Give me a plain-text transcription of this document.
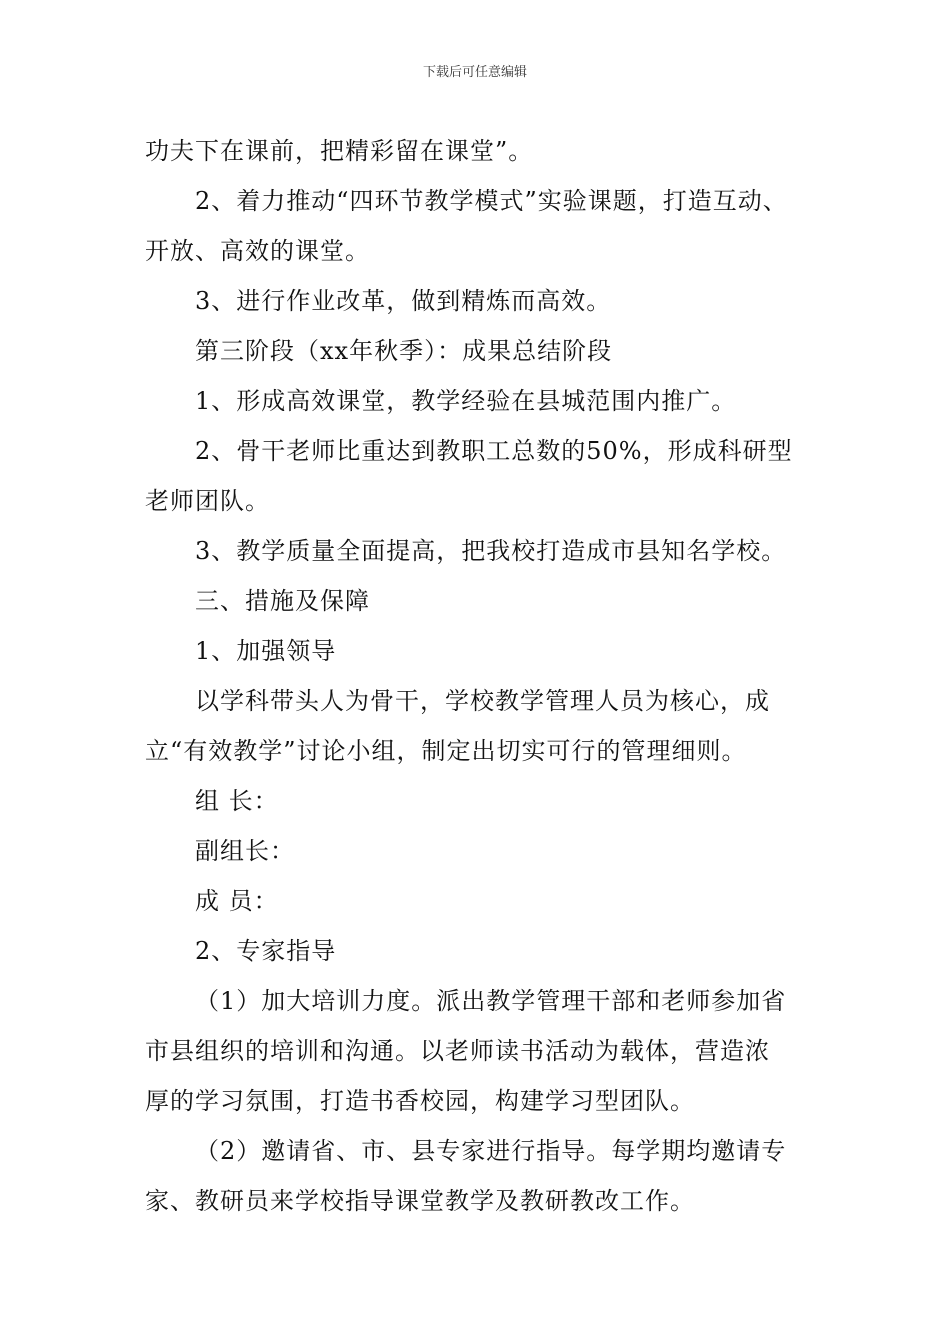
下载后可任意编辑

功夫下在课前，把精彩留在课堂”。

2、着力推动“四环节教学模式”实验课题，打造互动、

开放、高效的课堂。

3、进行作业改革，做到精炼而高效。

第三阶段（xx年秋季）：成果总结阶段

1、形成高效课堂，教学经验在县城范围内推广。

2、骨干老师比重达到教职工总数的50%，形成科研型

老师团队。

3、教学质量全面提高，把我校打造成市县知名学校。

三、措施及保障

1、加强领导

以学科带头人为骨干，学校教学管理人员为核心，成

立“有效教学”讨论小组，制定出切实可行的管理细则。

组 长：

副组长：

成 员：

2、专家指导

（1）加大培训力度。派出教学管理干部和老师参加省

市县组织的培训和沟通。以老师读书活动为载体，营造浓

厚的学习氛围，打造书香校园，构建学习型团队。

（2）邀请省、市、县专家进行指导。每学期均邀请专

家、教研员来学校指导课堂教学及教研教改工作。
